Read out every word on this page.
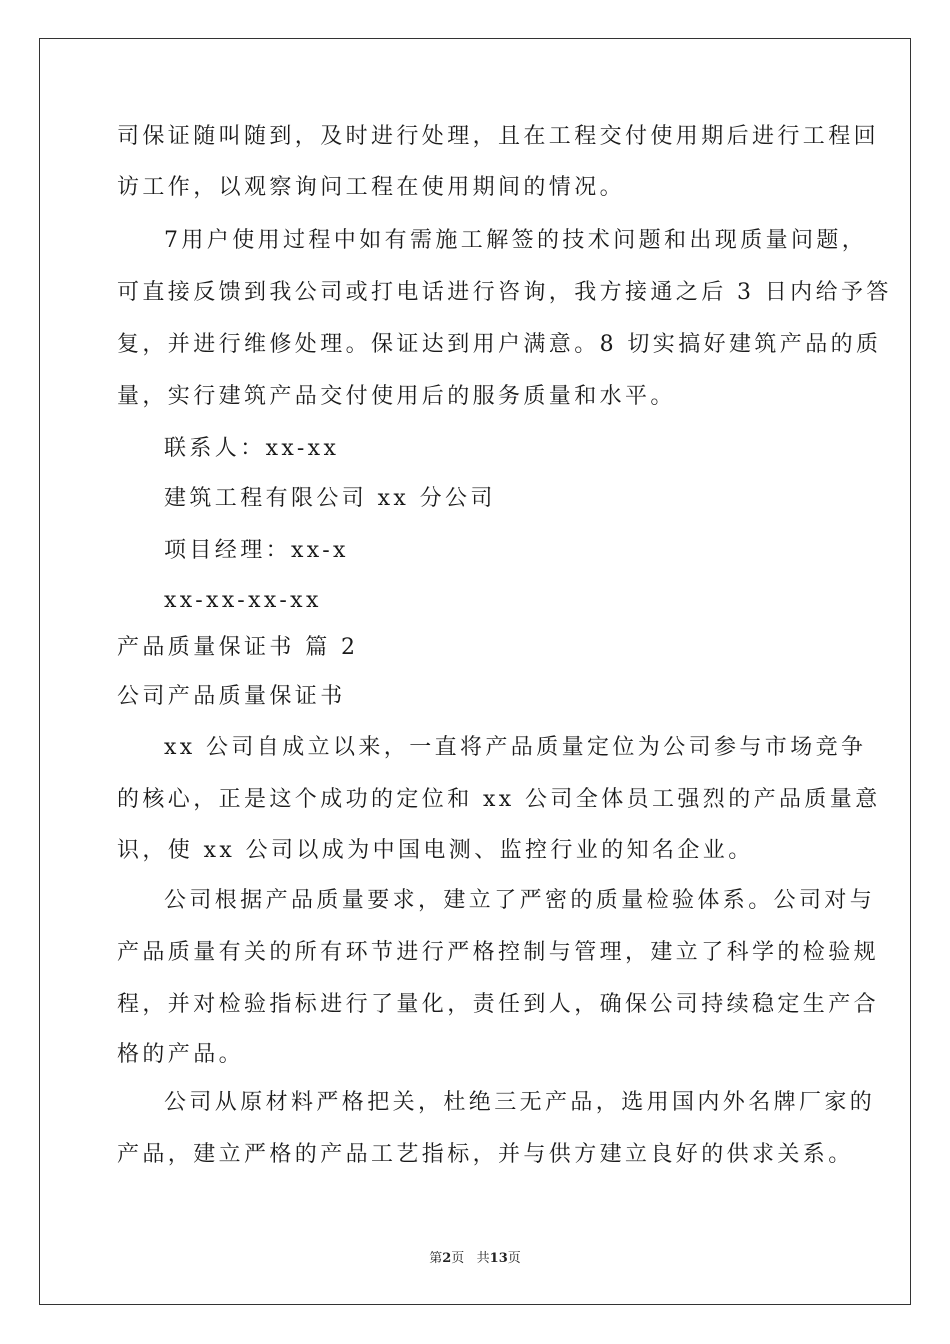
司保证随叫随到，及时进行处理，且在工程交付使用期后进行工程回
访工作，以观察询问工程在使用期间的情况。
7用户使用过程中如有需施工解签的技术问题和出现质量问题，
可直接反馈到我公司或打电话进行咨询，我方接通之后 3 日内给予答
复，并进行维修处理。保证达到用户满意。8 切实搞好建筑产品的质
量，实行建筑产品交付使用后的服务质量和水平。
联系人：xx-xx
建筑工程有限公司 xx 分公司
项目经理：xx-x
xx-xx-xx-xx
产品质量保证书 篇 2
公司产品质量保证书
xx 公司自成立以来，一直将产品质量定位为公司参与市场竞争
的核心，正是这个成功的定位和 xx 公司全体员工强烈的产品质量意
识，使 xx 公司以成为中国电测、监控行业的知名企业。
公司根据产品质量要求，建立了严密的质量检验体系。公司对与
产品质量有关的所有环节进行严格控制与管理，建立了科学的检验规
程，并对检验指标进行了量化，责任到人，确保公司持续稳定生产合
格的产品。
公司从原材料严格把关，杜绝三无产品，选用国内外名牌厂家的
产品，建立严格的产品工艺指标，并与供方建立良好的供求关系。
第2页   共13页
